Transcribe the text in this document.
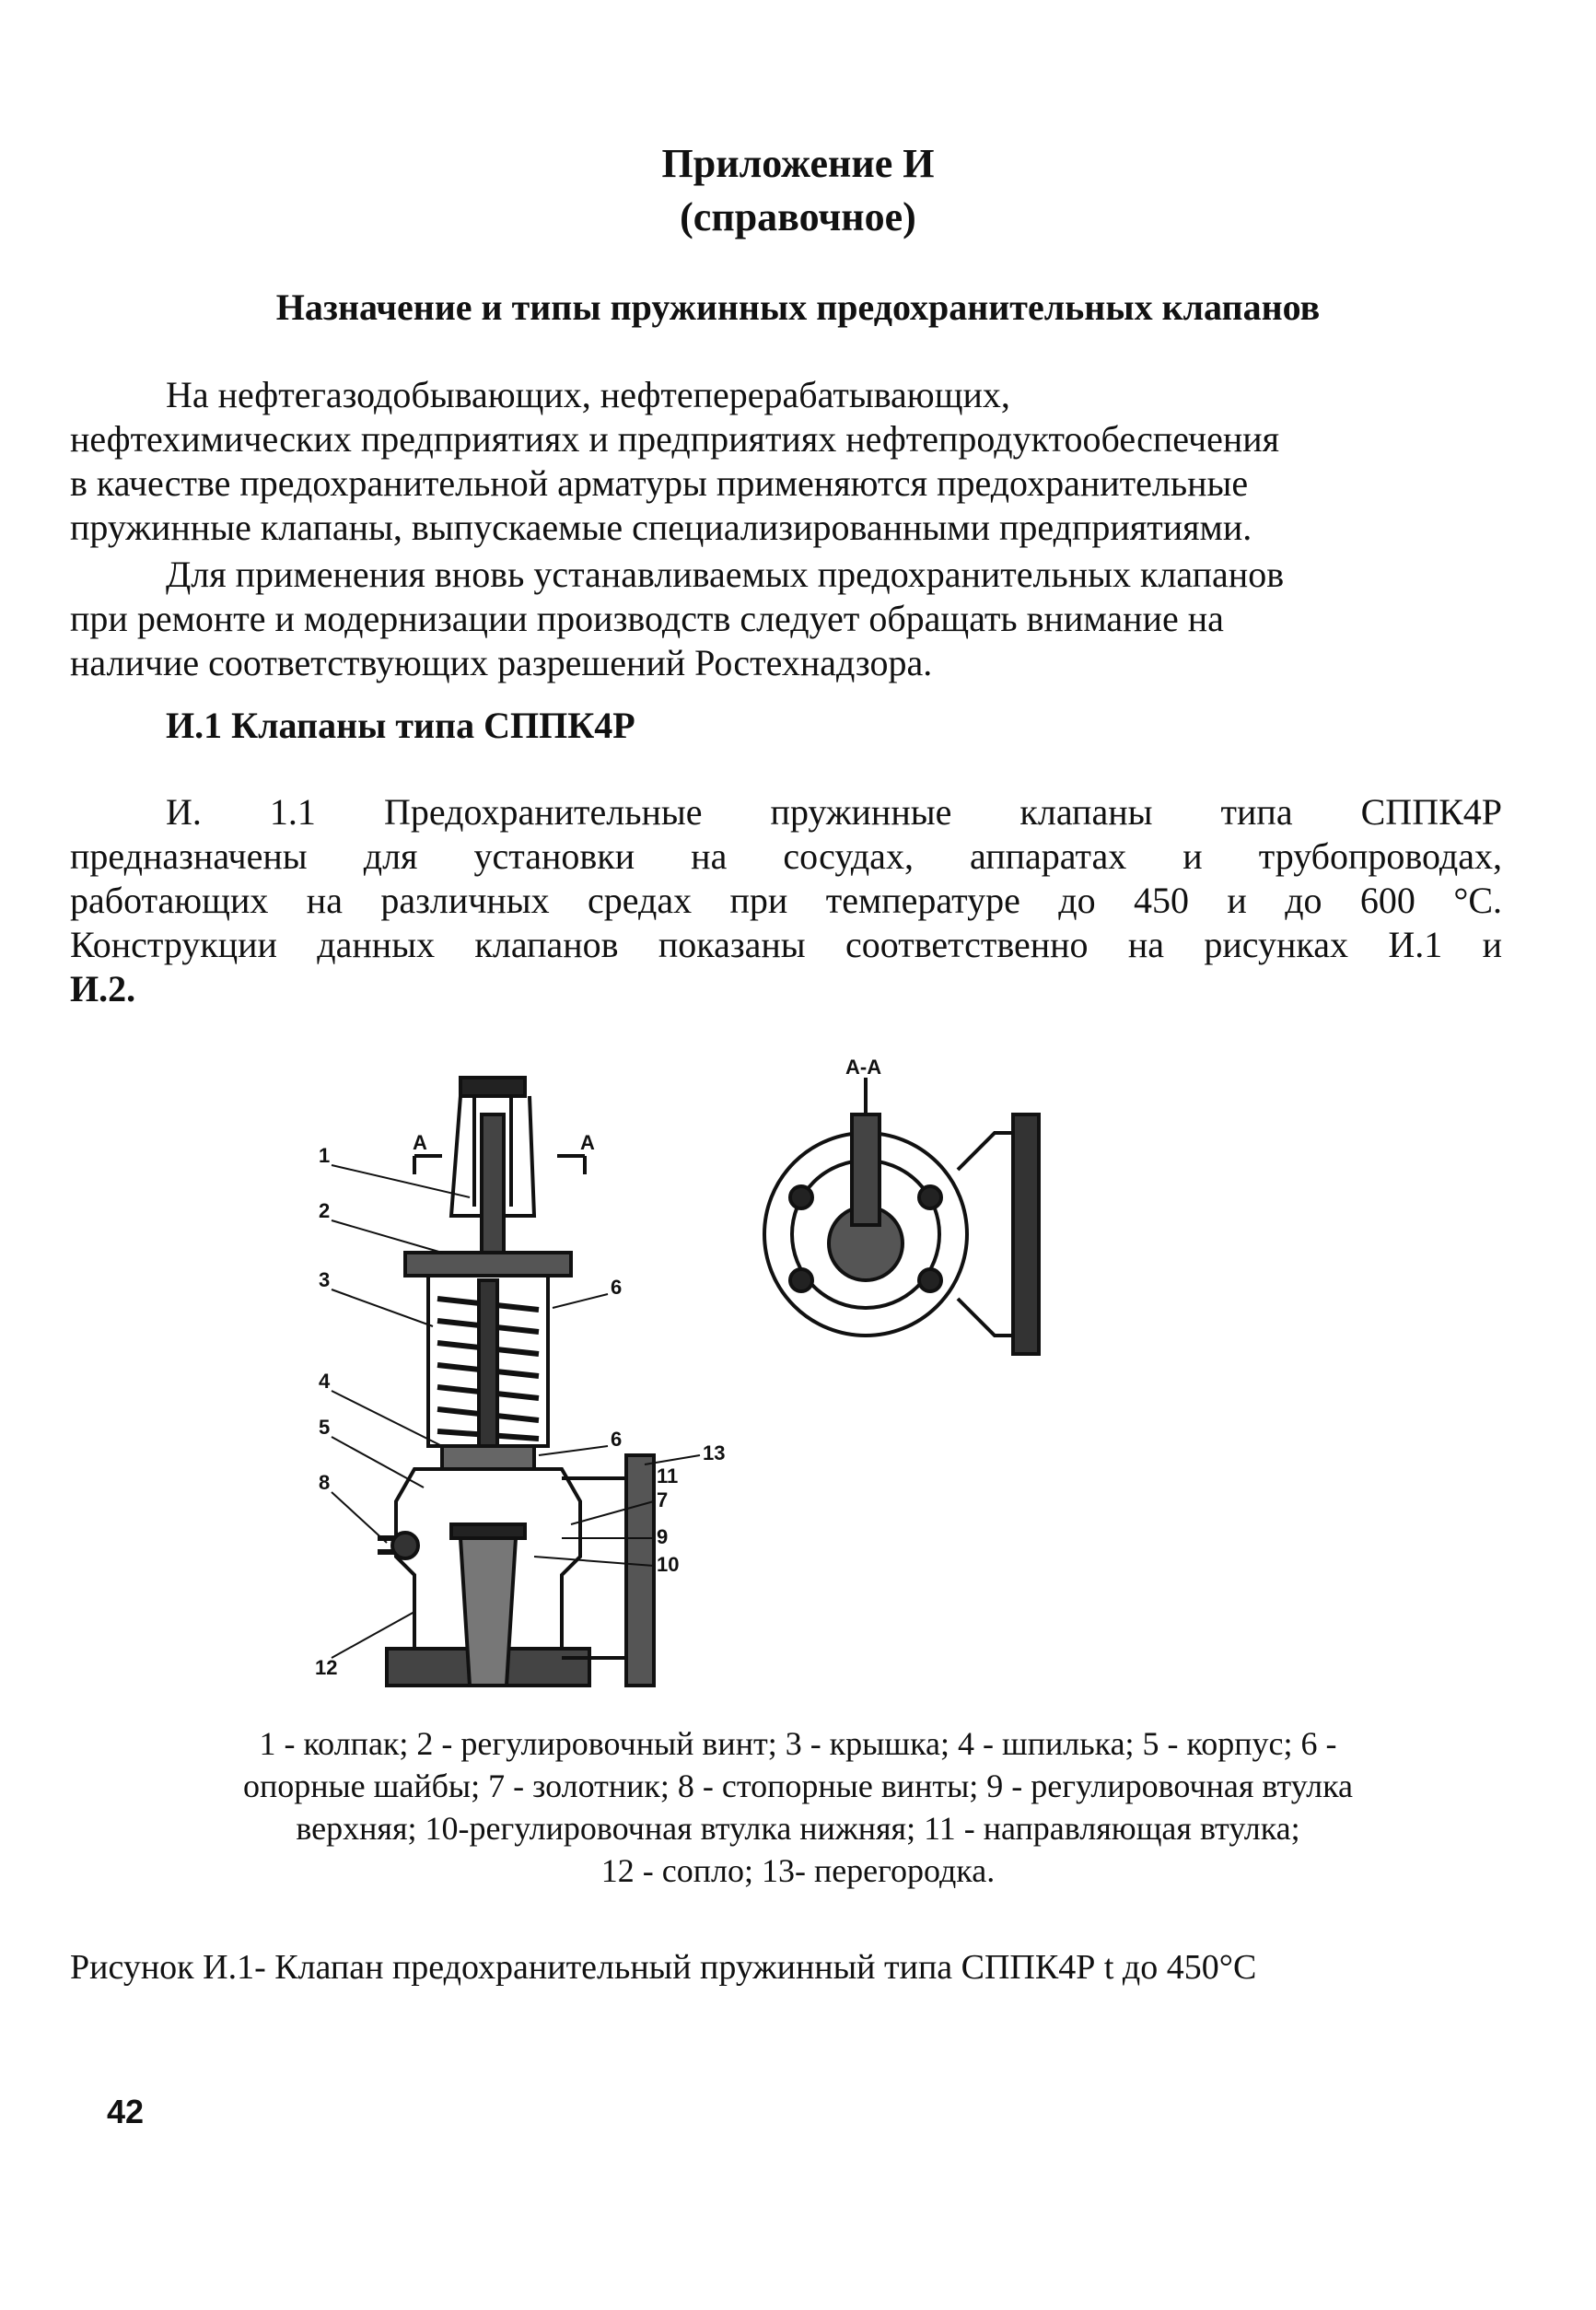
Приложение И
(справочное)
Назначение и типы пружинных предохранительных клапанов
На нефтегазодобывающих, нефтеперерабатывающих,
нефтехимических предприятиях и предприятиях нефтепродуктообеспечения
в качестве предохранительной арматуры применяются предохранительные
пружинные клапаны, выпускаемые специализированными предприятиями.
Для применения вновь устанавливаемых предохранительных клапанов
при ремонте и модернизации производств следует обращать внимание на
наличие соответствующих разрешений Ростехнадзора.
И.1 Клапаны типа СППК4Р
И. 1.1 Предохранительные пружинные клапаны типа СППК4Р
предназначены для установки на сосудах, аппаратах и трубопроводах,
работающих на различных средах при температуре до 450 и до 600 °С.
Конструкции данных клапанов показаны соответственно на рисунках И.1 и
И.2.
1
2
3
4
5
6
6
7
8
9
10
11
12
13
А	А
А-А
1 - колпак; 2 - регулировочный винт; 3 - крышка; 4 - шпилька; 5 - корпус; 6 -
опорные шайбы; 7 - золотник; 8 - стопорные винты; 9 - регулировочная втулка
верхняя; 10-регулировочная втулка нижняя; 11 - направляющая втулка;
12 - сопло; 13- перегородка.
Рисунок И.1- Клапан предохранительный пружинный типа СППК4Р t до 450°С
42
